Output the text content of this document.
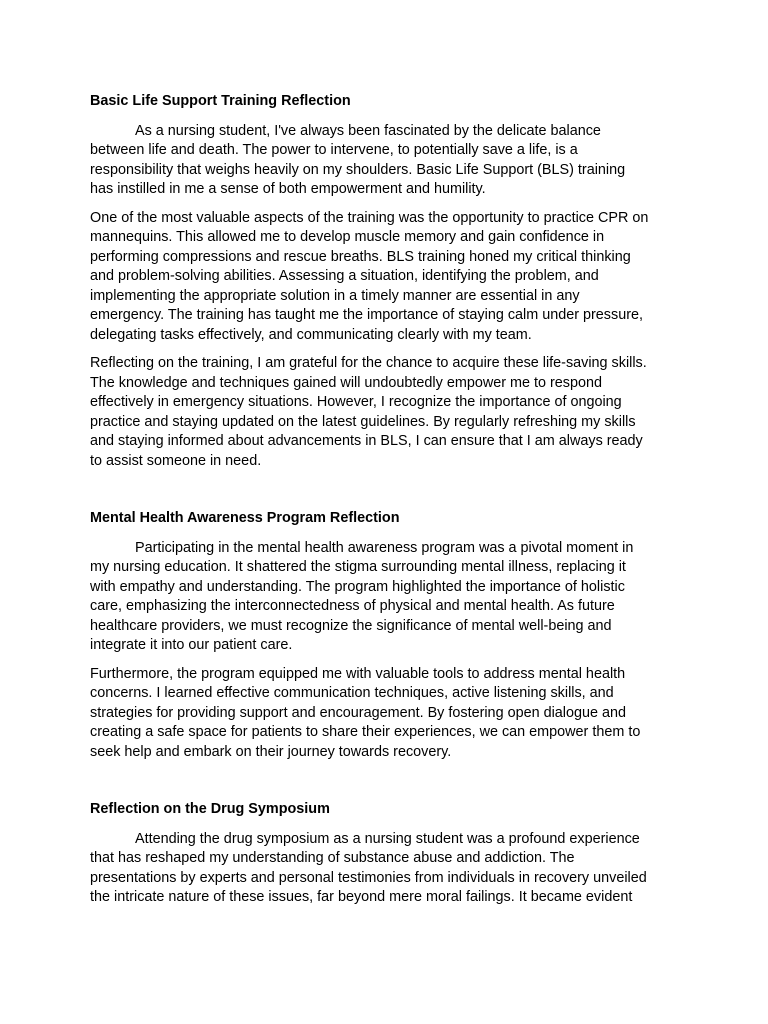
Basic Life Support Training Reflection

As a nursing student, I've always been fascinated by the delicate balance
between life and death. The power to intervene, to potentially save a life, is a
responsibility that weighs heavily on my shoulders. Basic Life Support (BLS) training
has instilled in me a sense of both empowerment and humility.

One of the most valuable aspects of the training was the opportunity to practice CPR on
mannequins. This allowed me to develop muscle memory and gain confidence in
performing compressions and rescue breaths. BLS training honed my critical thinking
and problem-solving abilities. Assessing a situation, identifying the problem, and
implementing the appropriate solution in a timely manner are essential in any
emergency. The training has taught me the importance of staying calm under pressure,
delegating tasks effectively, and communicating clearly with my team.

Reflecting on the training, I am grateful for the chance to acquire these life-saving skills.
The knowledge and techniques gained will undoubtedly empower me to respond
effectively in emergency situations. However, I recognize the importance of ongoing
practice and staying updated on the latest guidelines. By regularly refreshing my skills
and staying informed about advancements in BLS, I can ensure that I am always ready
to assist someone in need.

Mental Health Awareness Program Reflection

Participating in the mental health awareness program was a pivotal moment in
my nursing education. It shattered the stigma surrounding mental illness, replacing it
with empathy and understanding. The program highlighted the importance of holistic
care, emphasizing the interconnectedness of physical and mental health. As future
healthcare providers, we must recognize the significance of mental well-being and
integrate it into our patient care.

Furthermore, the program equipped me with valuable tools to address mental health
concerns. I learned effective communication techniques, active listening skills, and
strategies for providing support and encouragement. By fostering open dialogue and
creating a safe space for patients to share their experiences, we can empower them to
seek help and embark on their journey towards recovery.

Reflection on the Drug Symposium

Attending the drug symposium as a nursing student was a profound experience
that has reshaped my understanding of substance abuse and addiction. The
presentations by experts and personal testimonies from individuals in recovery unveiled
the intricate nature of these issues, far beyond mere moral failings. It became evident
